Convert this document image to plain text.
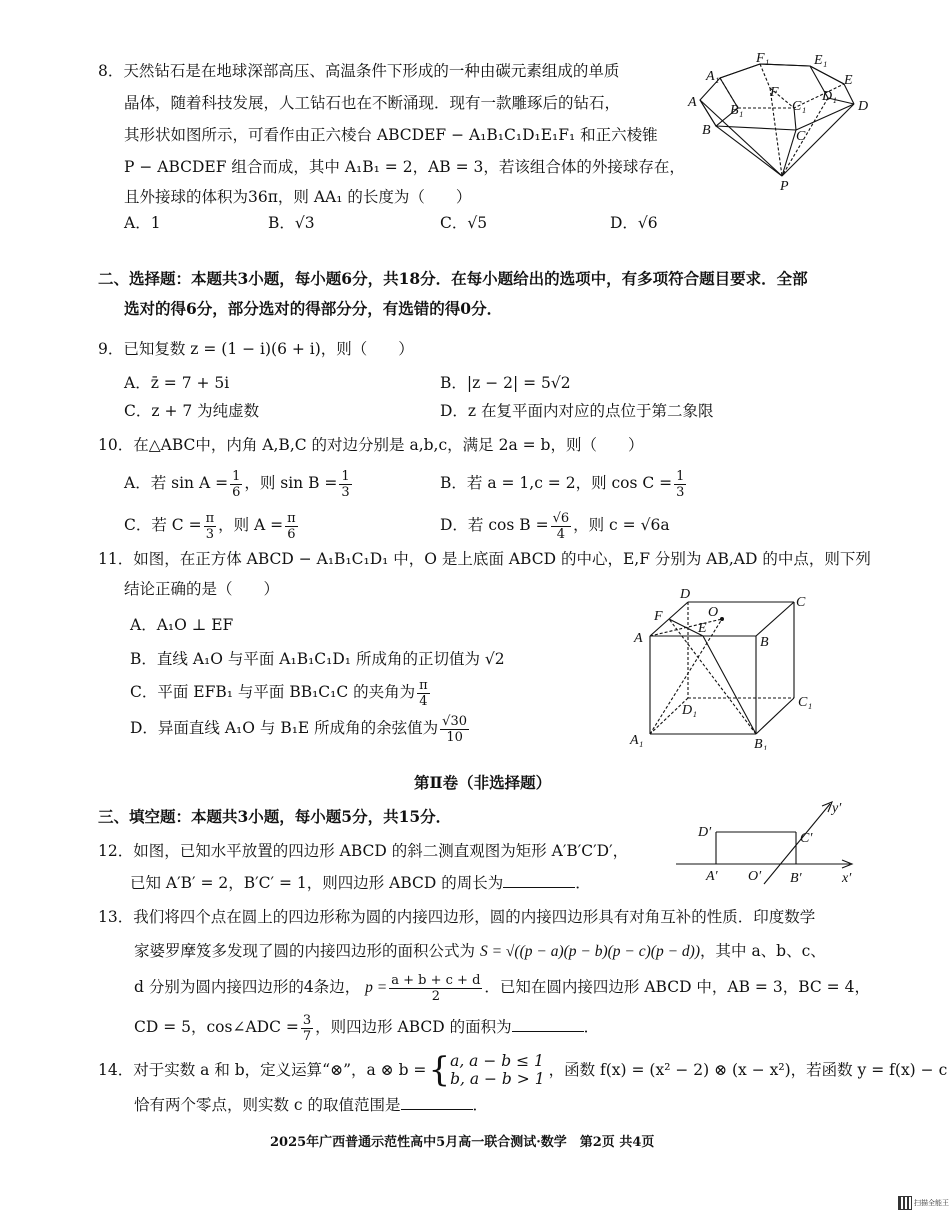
8．天然钻石是在地球深部高压、高温条件下形成的一种由碳元素组成的单质
晶体，随着科技发展，人工钻石也在不断涌现．现有一款雕琢后的钻石，
其形状如图所示，可看作由正六棱台 ABCDEF − A₁B₁C₁D₁E₁F₁ 和正六棱锥
P − ABCDEF 组合而成，其中 A₁B₁ = 2，AB = 3，若该组合体的外接球存在，
且外接球的体积为36π，则 AA₁ 的长度为（　　）
A．1	B．√3	C．√5	D．√6
F₁	E₁
A₁	E
A
B₁
F
C₁
D₁
D
B	C
P
二、选择题：本题共3小题，每小题6分，共18分．在每小题给出的选项中，有多项符合题目要求．全部
选对的得6分，部分选对的得部分分，有选错的得0分．
9．已知复数 z = (1 − i)(6 + i)，则（　　）
A．z̄ = 7 + 5i	B．|z − 2| = 5√2
C．z + 7 为纯虚数	D．z 在复平面内对应的点位于第二象限
10．在△ABC中，内角 A,B,C 的对边分别是 a,b,c，满足 2a = b，则（　　）
A．若 $\sin A = \frac{1}{6}$ ，则 $\sin B = \frac{1}{3}$	B．若 a = 1,c = 2，则 $\cos C = \frac{1}{3}$
C．若 $C = \frac{\pi}{3}$ ，则 $A = \frac{\pi}{6}$	D．若 $\cos B = \frac{√6}{4}$ ，则 c = √6a
11．如图，在正方体 ABCD − A₁B₁C₁D₁ 中，O 是上底面 ABCD 的中心，E,F 分别为 AB,AD 的中点，则下列
结论正确的是（　　）
A．A₁O ⊥ EF
B．直线 A₁O 与平面 A₁B₁C₁D₁ 所成角的正切值为 √2
C．平面 EFB₁ 与平面 BB₁C₁C 的夹角为 $\frac{\pi}{4}$
D．异面直线 A₁O 与 B₁E 所成角的余弦值为 $\frac{√30}{10}$
D
O
C
F
E
A	B
D₁
C₁
A₁	B₁
第Ⅱ卷（非选择题）
三、填空题：本题共3小题，每小题5分，共15分．
12．如图，已知水平放置的四边形 ABCD 的斜二测直观图为矩形 A′B′C′D′，
已知 A′B′ = 2，B′C′ = 1，则四边形 ABCD 的周长为	．
y′
D′	C′
A′ O′ B′	x′
13．我们将四个点在圆上的四边形称为圆的内接四边形，圆的内接四边形具有对角互补的性质．印度数学
家婆罗摩笈多发现了圆的内接四边形的面积公式为 S = √((p − a)(p − b)(p − c)(p − d))，其中 a、b、c、
d 分别为圆内接四边形的4条边， $p = \frac{a + b + c + d}{2}$ ．已知在圆内接四边形 ABCD 中，AB = 3，BC = 4，
CD = 5，cos∠ADC = $\frac{3}{7}$ ，则四边形 ABCD 的面积为	．
14．对于实数 a 和 b，定义运算“⊗”，a ⊗ b = { a, a − b ≤ 1
b, a − b > 1 ，函数 f(x) = (x² − 2) ⊗ (x − x²)，若函数 y = f(x) − c
恰有两个零点，则实数 c 的取值范围是	．
2025年广西普通示范性高中5月高一联合测试·数学　第2页 共4页
扫描全能王
